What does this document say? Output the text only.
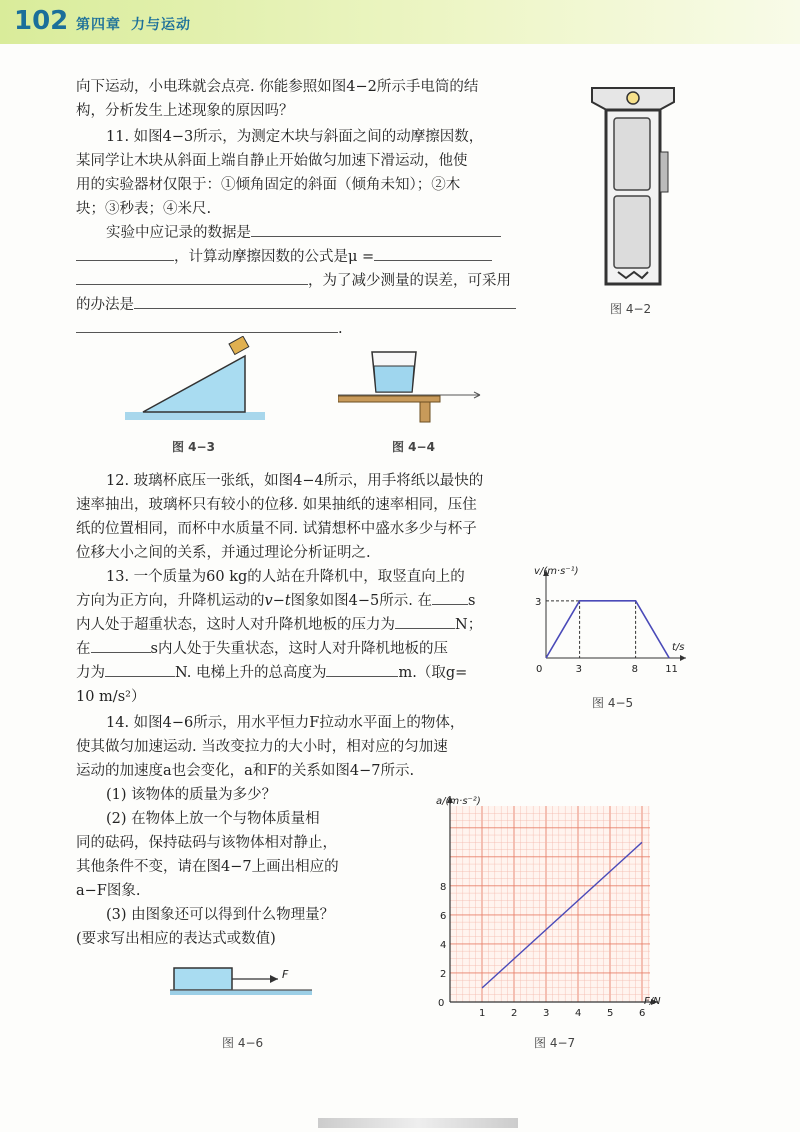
102 第四章 力与运动
向下运动，小电珠就会点亮. 你能参照如图4−2所示手电筒的结
构，分析发生上述现象的原因吗？
11. 如图4−3所示，为测定木块与斜面之间的动摩擦因数，
某同学让木块从斜面上端自静止开始做匀加速下滑运动，他使
用的实验器材仅限于：①倾角固定的斜面（倾角未知）；②木
块；③秒表；④米尺.
实验中应记录的数据是
，计算动摩擦因数的公式是μ =
，为了减少测量的误差，可采用
的办法是
.
图 4−2
图 4−3	图 4−4
12. 玻璃杯底压一张纸，如图4−4所示，用手将纸以最快的
速率抽出，玻璃杯只有较小的位移. 如果抽纸的速率相同，压住
纸的位置相同，而杯中水质量不同. 试猜想杯中盛水多少与杯子
位移大小之间的关系，并通过理论分析证明之.
13. 一个质量为60 kg的人站在升降机中，取竖直向上的
方向为正方向，升降机运动的v−t图象如图4−5所示. 在 s
内人处于超重状态，这时人对升降机地板的压力为	N；
在	s内人处于失重状态，这时人对升降机地板的压
力为	N. 电梯上升的总高度为	m.（取g=
10 m/s²）
v/(m·s⁻¹)
t/s
0	3	8	11
3
图 4−5
14. 如图4−6所示，用水平恒力F拉动水平面上的物体，
使其做匀加速运动. 当改变拉力的大小时，相对应的匀加速
运动的加速度a也会变化，a和F的关系如图4−7所示.
(1) 该物体的质量为多少？
(2) 在物体上放一个与物体质量相
同的砝码，保持砝码与该物体相对静止，
其他条件不变，请在图4−7上画出相应的
a−F图象.
(3) 由图象还可以得到什么物理量？
(要求写出相应的表达式或数值)
F
图 4−6
a/(m·s⁻²)
F/N
0
1	2	3	4	5	6
2
4
6
8
图 4−7
